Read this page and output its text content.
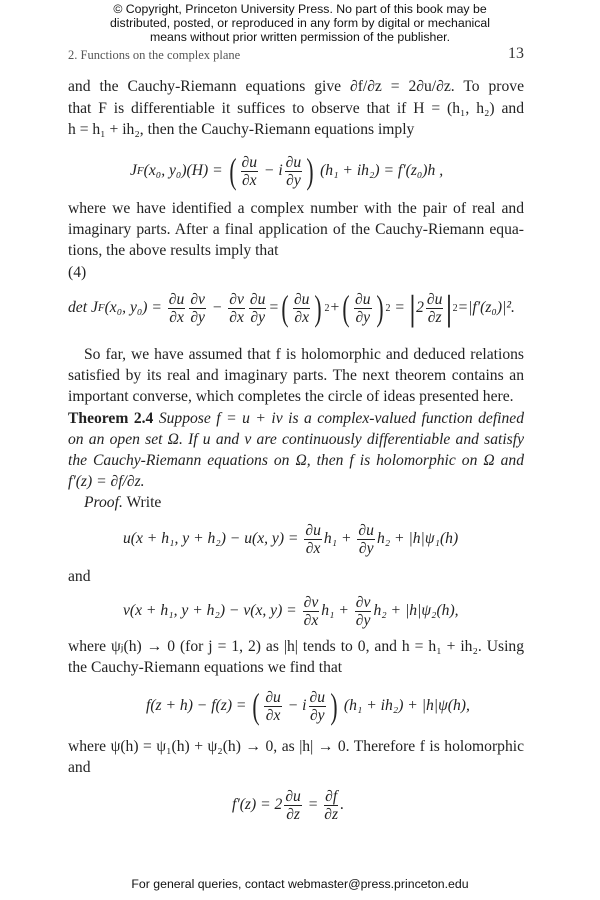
© Copyright, Princeton University Press. No part of this book may be
distributed, posted, or reproduced in any form by digital or mechanical
means without prior written permission of the publisher.
2. Functions on the complex plane	13
and the Cauchy-Riemann equations give ∂f/∂z = 2∂u/∂z. To prove
that F is differentiable it suffices to observe that if H = (h₁, h₂) and
h = h₁ + ih₂, then the Cauchy-Riemann equations imply
J F (x₀, y₀)(H) = ( $\frac{\partial u}{\partial x} - i \frac{\partial u}{\partial y}$ ) (h₁ + ih₂) = f′(z₀)h ,
where we have identified a complex number with the pair of real and
imaginary parts. After a final application of the Cauchy-Riemann equa-
tions, the above results imply that
(4)
det J F (x₀, $y_0) = \frac{\partial u}{\partial x} \frac{\partial v}{\partial y} - \frac{\partial v}{\partial x} \frac{\partial u}{\partial y}$ = ( $\frac{\partial u}{\partial x}$ ) 2 + ( $\frac{\partial u}{\partial y}$ ) 2 = | $2 \frac{\partial u}{\partial z}$ | 2 =|f′(z₀)|².
So far, we have assumed that f is holomorphic and deduced relations
satisfied by its real and imaginary parts. The next theorem contains an
important converse, which completes the circle of ideas presented here.
Theorem 2.4 Suppose f = u + iv is a complex-valued function defined
on an open set Ω. If u and v are continuously differentiable and satisfy
the Cauchy-Riemann equations on Ω, then f is holomorphic on Ω and
f′(z) = ∂f/∂z.
Proof. Write
u(x + h₁, y + h₂) − u(x, $y) = \frac{\partial u}{\partial x} h_1 + \frac{\partial u}{\partial y} h_2 + |h|\psi_1(h)$
and
v(x + h₁, y + h₂) − v(x, $y) = \frac{\partial v}{\partial x} h_1 + \frac{\partial v}{\partial y} h_2 + |h|\psi_2(h)$,
where ψⱼ(h) → 0 (for j = 1, 2) as |h| tends to 0, and h = h₁ + ih₂. Using
the Cauchy-Riemann equations we find that
f(z + h) − f(z) = ( $\frac{\partial u}{\partial x} - i \frac{\partial u}{\partial y}$ ) (h₁ + ih₂) + |h|ψ(h),
where ψ(h) = ψ₁(h) + ψ₂(h) → 0, as |h| → 0. Therefore f is holomorphic
and
$f'(z) = 2 \frac{\partial u}{\partial z} = \frac{\partial f}{\partial z}$ .
For general queries, contact webmaster@press.princeton.edu
